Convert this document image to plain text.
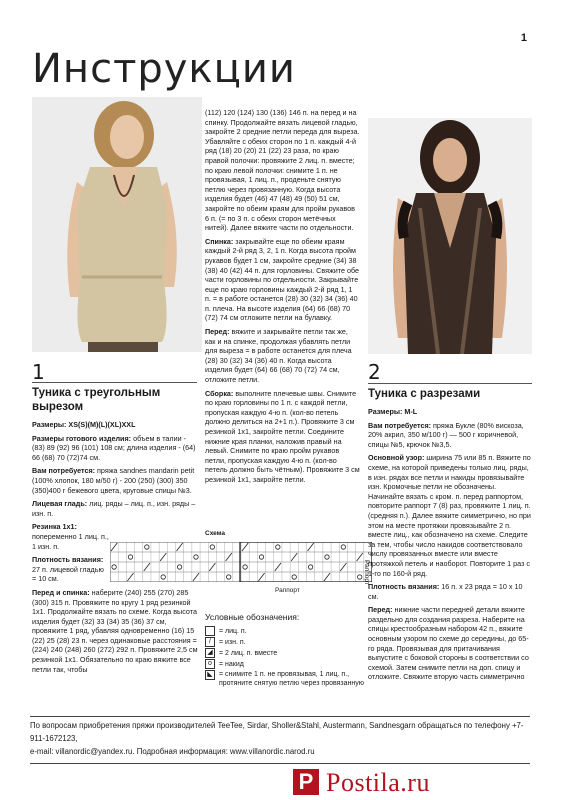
1
Инструкции
1
Туника с треугольным вырезом

Размеры: XS(S)(M)(L)(XL)XXL

Размеры готового изделия: объем в талии - (83) 89 (92) 96 (101) 108 см; длина изделия - (64) 66 (68) 70 (72)74 см.

Вам потребуется: пряжа sandnes mandarin petit (100% хлопок, 180 м/50 г) - 200 (250) (300) 350 (350)400 г бежевого цвета, круговые спицы №3.

Лицевая гладь: лиц. ряды – лиц. п., изн. ряды – изн. п.

Резинка 1х1: попеременно 1 лиц. п., 1 изн. п.

Плотность вязания: 27 п. лицевой гладью = 10 см.

Перед и спинка: наберите (240) 255 (270) 285 (300) 315 п. Провяжите по кругу 1 ряд резинкой 1х1. Продолжайте вязать по схеме. Когда высота изделия будет (32) 33 (34) 35 (36) 37 см, провяжите 1 ряд, убавляя одновременно (16) 15 (22) 25 (28) 23 п. через одинаковые расстояния = (224) 240 (248) 260 (272) 292 п. Провяжите 2,5 см резинкой 1х1. Обязательно по краю вяжите все петли так, чтобы

(112) 120 (124) 130 (136) 146 п. на перед и на спинку. Продолжайте вязать лицевой гладью, закройте 2 средние петли переда для выреза. Убавляйте с обеих сторон по 1 п. каждый 4-й ряд (18) 20 (20) 21 (22) 23 раза, по краю правой полочки: провяжите 2 лиц. п. вместе; по краю левой полочки: снимите 1 п. не провязывая, 1 лиц. п., проденьте снятую петлю через провязанную. Когда высота изделия будет (46) 47 (48) 49 (50) 51 см, закройте по обеим краям для пройм рукавов 6 п. (= по 3 п. с обеих сторон метёчных нитей). Далее вяжите части по отдельности.

Спинка: закрывайте еще по обеим краям каждый 2-й ряд 3, 2, 1 п. Когда высота пройм рукавов будет 1 см, закройте средние (34) 38 (38) 40 (42) 44 п. для горловины. Свяжите обе части горловины по отдельности. Закрывайте еще по краю горловины каждый 2-й ряд 1, 1 п. = в работе останется (28) 30 (32) 34 (36) 40 п. плеча. На высоте изделия (64) 66 (68) 70 (72) 74 см отложите петли на булавку.

Перед: вяжите и закрывайте петли так же, как и на спинке, продолжая убавлять петли для выреза = в работе останется для плеча (28) 30 (32) 34 (36) 40 п. Когда высота изделия будет (64) 66 (68) 70 (72) 74 см, отложите петли.

Сборка: выполните плечевые швы. Снимите по краю горловины по 1 п. с каждой петли, пропуская каждую 4-ю п. (кол-во петель должно делиться на 2+1 п.). Провяжите 3 см резинкой 1х1, закройте петли. Соедините нижние края планки, наложив правый на левый. Снимите по краю пройм рукавов петли, пропуская каждую 4-ю п. (кол-во петель должно быть чётным). Провяжите 3 см резинкой 1х1, закройте петли.

Схема
Раппорт
Раппорт
Условные обозначения:
= лиц. п.
/ = изн. п.
◢ = 2 лиц. п. вместе
o = накид
◣ = снимите 1 п. не провязывая, 1 лиц. п., протяните снятую петлю через провязанную
2
Туника с разрезами

Размеры: M-L

Вам потребуется: пряжа Букле (80% вискоза, 20% акрил, 350 м/100 г) — 500 г коричневой, спицы №5, крючок №3,5.

Основной узор: ширина 75 или 85 п. Вяжите по схеме, на которой приведены только лиц. ряды, в изн. рядах все петли и накиды провязывайте изн. Кромочные петли не обозначены. Начинайте вязать с кром. п. перед раппортом, повторите раппорт 7 (8) раз, провяжите 1 лиц. п. (средняя п.). Далее вяжите симметрично, но при этом на месте протяжки провязывайте 2 п. вместе лиц., как обозначено на схеме. Следите за тем, чтобы число накидов соответствовало числу провязанных вместе или вместе протяжкой петель и наоборот. Повторите 1 раз с 1-го по 160-й ряд.

Плотность вязания: 16 п. х 23 ряда = 10 х 10 см.

Перед: нижние части передней детали вяжите раздельно для создания разреза. Наберите на спицы крестообразным набором 42 п., вяжите основным узором по схеме до середины, до 65-го ряда. Провязывая для притачивания выпустите с боковой стороны в соответствии со схемой. Затем снимите петли на доп. спицу и отложите. Свяжите вторую часть симметрично

По вопросам приобретения пряжи производителей TeeTee, Sirdar, Sholler&Stahl, Austermann, Sandnesgarn обращаться по телефону +7-911-1672123,
e-mail: villanordic@yandex.ru. Подробная информация: www.villanordic.narod.ru
P Postila.ru
